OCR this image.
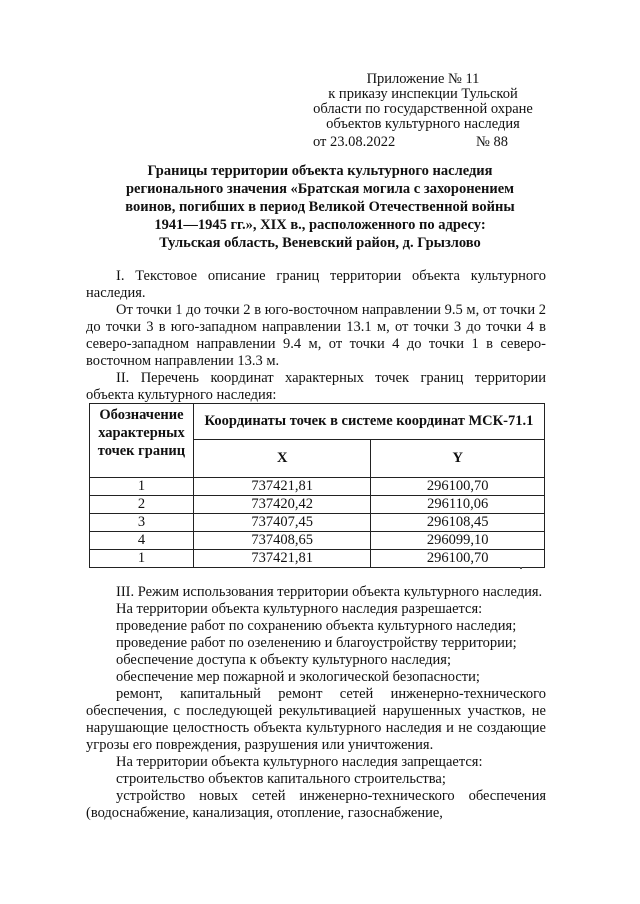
Приложение № 11
к приказу инспекции Тульской
области по государственной охране
объектов культурного наследия
от 23.08.2022	№ 88
Границы территории объекта культурного наследия
регионального значения «Братская могила с захоронением
воинов, погибших в период Великой Отечественной войны
1941—1945 гг.», XIX в., расположенного по адресу:
Тульская область, Веневский район, д. Грызлово

I. Текстовое описание границ территории объекта культурного наследия.

От точки 1 до точки 2 в юго-восточном направлении 9.5 м, от точки 2 до точки 3 в юго-западном направлении 13.1 м, от точки 3 до точки 4 в северо-западном направлении 9.4 м, от точки 4 до точки 1 в северо-восточном направлении 13.3 м.

II. Перечень координат характерных точек границ территории объекта культурного наследия:

Обозначение характерных точек границ	Координаты точек в системе координат МСК-71.1	
	X	Y
1	737421,81	296100,70
2	737420,42	296110,06
3	737407,45	296108,45
4	737408,65	296099,10
1	737421,81	296100,70

III. Режим использования территории объекта культурного наследия.

На территории объекта культурного наследия разрешается:

проведение работ по сохранению объекта культурного наследия;

проведение работ по озеленению и благоустройству территории;

обеспечение доступа к объекту культурного наследия;

обеспечение мер пожарной и экологической безопасности;

ремонт, капитальный ремонт сетей инженерно-технического обеспечения, с последующей рекультивацией нарушенных участков, не нарушающие целостность объекта культурного наследия и не создающие угрозы его повреждения, разрушения или уничтожения.

На территории объекта культурного наследия запрещается:

строительство объектов капитального строительства;

устройство новых сетей инженерно-технического обеспечения (водоснабжение, канализация, отопление, газоснабжение,
